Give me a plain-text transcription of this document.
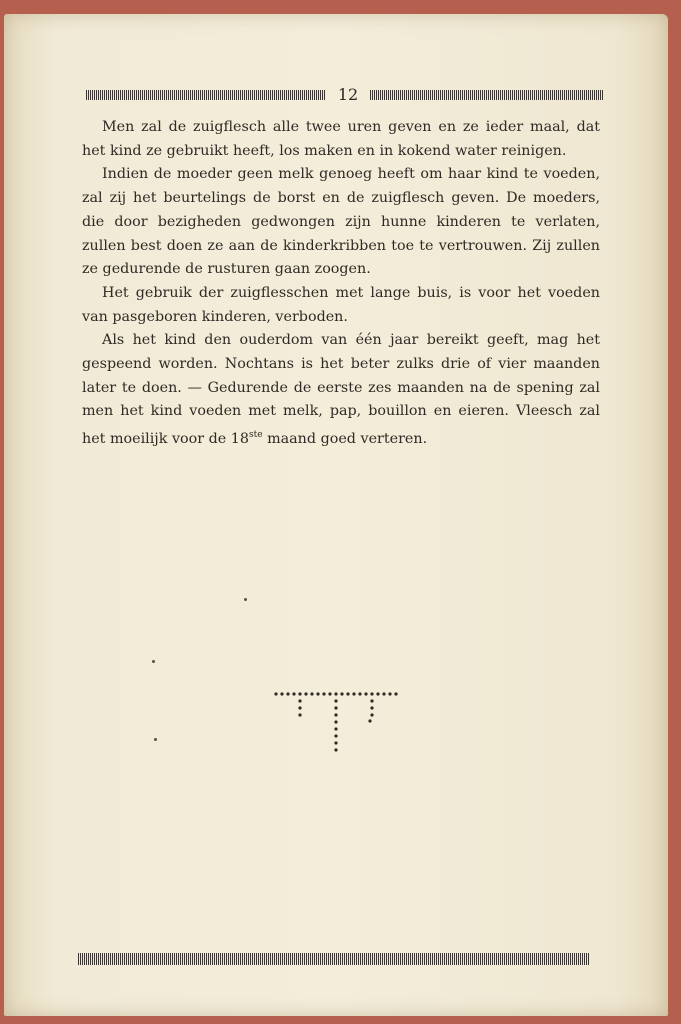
12

Men zal de zuigflesch alle twee uren geven en ze ieder maal, dat het kind ze gebruikt heeft, los maken en in kokend water reinigen.

Indien de moeder geen melk genoeg heeft om haar kind te voeden, zal zij het beurtelings de borst en de zuigflesch geven. De moeders, die door bezigheden gedwongen zijn hunne kinderen te verlaten, zullen best doen ze aan de kinderkribben toe te vertrouwen. Zij zullen ze gedurende de rusturen gaan zoogen.

Het gebruik der zuigflesschen met lange buis, is voor het voeden van pasgeboren kinderen, verboden.

Als het kind den ouderdom van één jaar bereikt geeft, mag het gespeend worden. Nochtans is het beter zulks drie of vier maanden later te doen. — Gedurende de eerste zes maanden na de spening zal men het kind voeden met melk, pap, bouillon en eieren. Vleesch zal het moeilijk voor de 18ste maand goed verteren.
